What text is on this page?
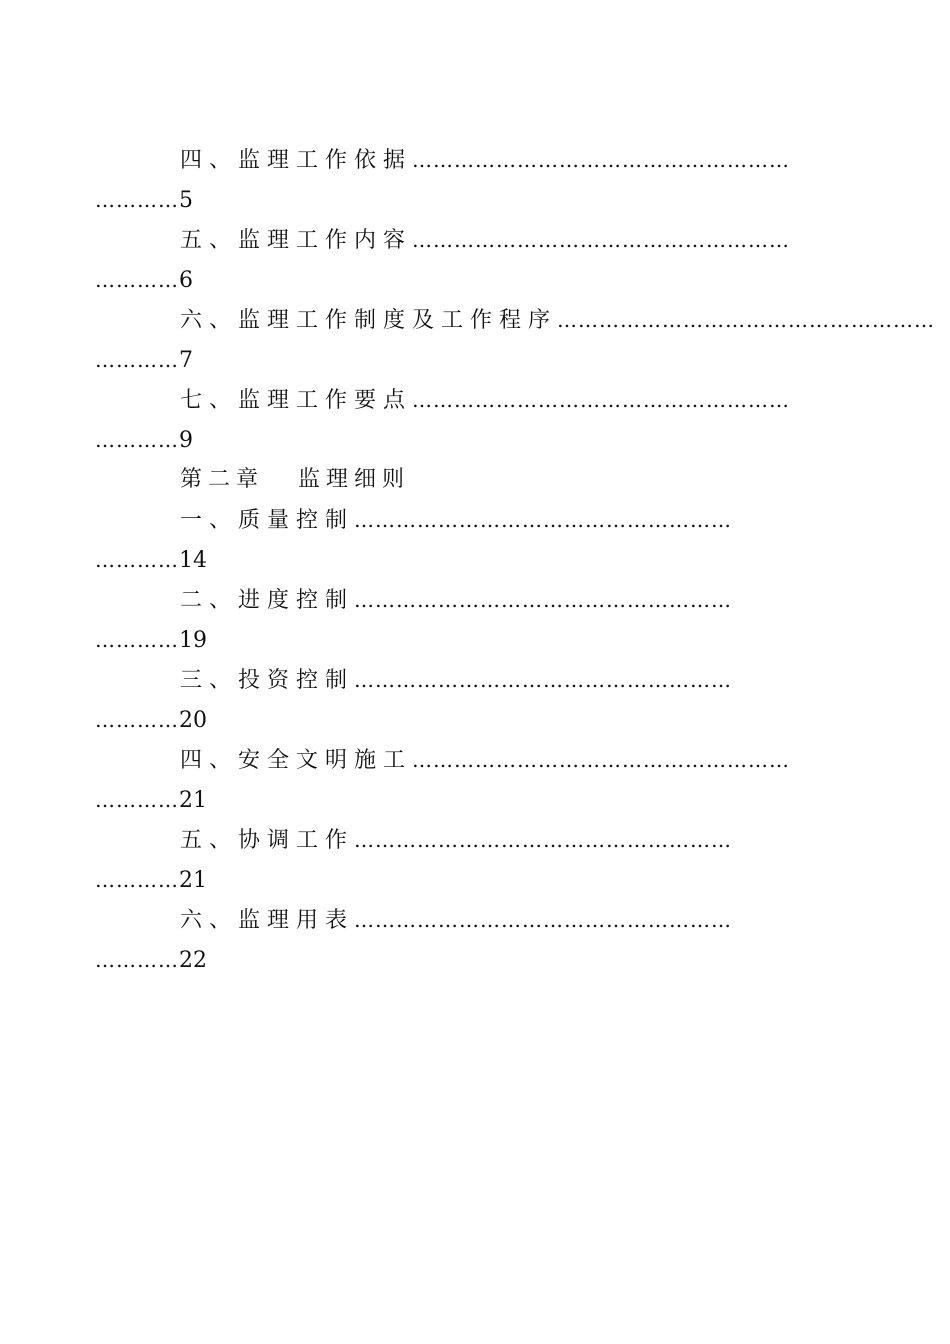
四、监理工作依据………………………………………………
…………5
五、监理工作内容………………………………………………
…………6
六、监理工作制度及工作程序………………………………………………
…………7
七、监理工作要点………………………………………………
…………9
第二章 监理细则
一、质量控制………………………………………………
…………14
二、进度控制………………………………………………
…………19
三、投资控制………………………………………………
…………20
四、安全文明施工………………………………………………
…………21
五、协调工作………………………………………………
…………21
六、监理用表………………………………………………
…………22
